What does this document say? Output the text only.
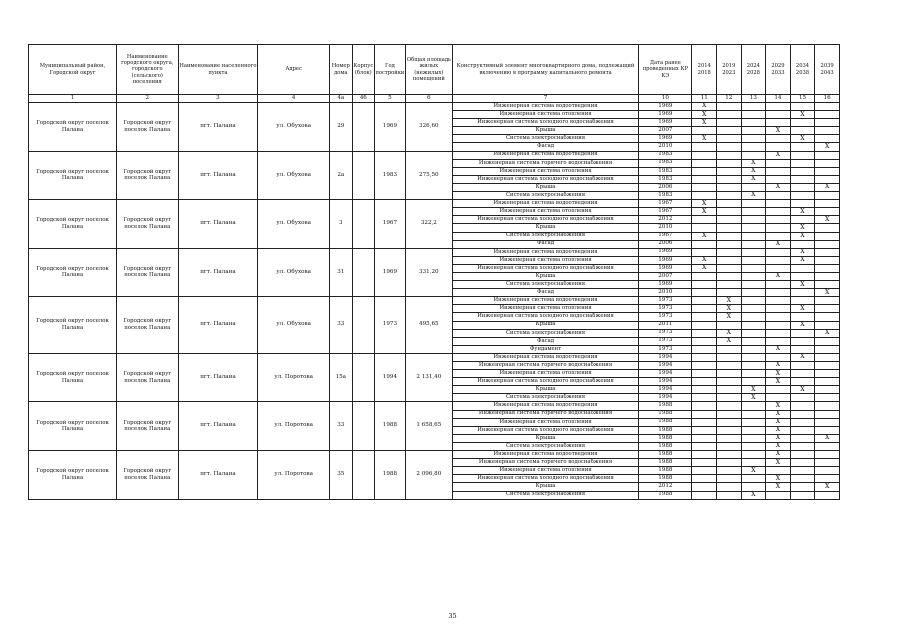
Муниципальный район, Городской округ	Наименование городского округа, городского (сельского) поселения	Наименование населенного пункта	Адрес	Номер дома	Корпус (блок)	Год постройки	Общая площадь жилых (нежилых) помещений	Конструктивный элемент многоквартирного дома, подлежащий включению в программу капитального ремонта	Дата ранее проведенных КР КЭ	2014 2018	2019 2023	2024 2028	2029 2033	2034 2038	2039 2043
1	2	3	4	4а	4б	5	6	7	10	11	12	13	14	15	16
Городской округ поселок Палана	Городской округ поселок Палана	пгт. Палана	ул. Обухова	29		1969	326,60	Инженерная система водоотведения	1969	X					
								Инженерная система отопления	1969	X				X	
								Инженерная система холодного водоснабжения	1969	X					
								Крыша	2007				X		
								Система электроснабжения	1969	X				X	
								Фасад	2010						X
Городской округ поселок Палана	Городской округ поселок Палана	пгт. Палана	ул. Обухова	2а		1983	275,50	Инженерная система водоотведения	1983				X		
								Инженерная система горячего водоснабжения	1983			X			
								Инженерная система отопления	1983			X			
								Инженерная система холодного водоснабжения	1983			X			
								Крыша	2006				X		X
								Система электроснабжения	1983			X			
Городской округ поселок Палана	Городской округ поселок Палана	пгт. Палана	ул. Обухова	3		1967	322,2	Инженерная система водоотведения	1967	X					
								Инженерная система отопления	1967	X				X	
								Инженерная система холодного водоснабжения	2012						X
								Крыша	2010					X	
								Система электроснабжения	1967	X				X	
								Фасад	2006				X		
Городской округ поселок Палана	Городской округ поселок Палана	пгт. Палана	ул. Обухова	31		1969	331,20	Инженерная система водоотведения	1969					X	
								Инженерная система отопления	1969	X				X	
								Инженерная система холодного водоснабжения	1969	X					
								Крыша	2007				X		
								Система электроснабжения	1969					X	
								Фасад	2010						X
Городской округ поселок Палана	Городской округ поселок Палана	пгт. Палана	ул. Обухова	33		1973	495,65	Инженерная система водоотведения	1973		X				
								Инженерная система отопления	1973		X			X	
								Инженерная система холодного водоснабжения	1973		X				
								Крыша	2011					X	
								Система электроснабжения	1973		X				X
								Фасад	1973		X				
								Фундамент	1973				X		
Городской округ поселок Палана	Городской округ поселок Палана	пгт. Палана	ул. Поротова	15а		1994	2 131,40	Инженерная система водоотведения	1994					X	
								Инженерная система горячего водоснабжения	1994				X		
								Инженерная система отопления	1994				X		
								Инженерная система холодного водоснабжения	1994				X		
								Крыша	1994			X		X	
								Система электроснабжения	1994			X			
Городской округ поселок Палана	Городской округ поселок Палана	пгт. Палана	ул. Поротова	33		1988	1 658,65	Инженерная система водоотведения	1988				X		
								Инженерная система горячего водоснабжения	1988				X		
								Инженерная система отопления	1988				X		
								Инженерная система холодного водоснабжения	1988				X		
								Крыша	1988				X		X
								Система электроснабжения	1988				X		
Городской округ поселок Палана	Городской округ поселок Палана	пгт. Палана	ул. Поротова	35		1988	2 096,80	Инженерная система водоотведения	1988				X		
								Инженерная система горячего водоснабжения	1988				X		
								Инженерная система отопления	1988			X			
								Инженерная система холодного водоснабжения	1988				X		
								Крыша	2012				X		X
								Система электроснабжения	1988			X			
35
